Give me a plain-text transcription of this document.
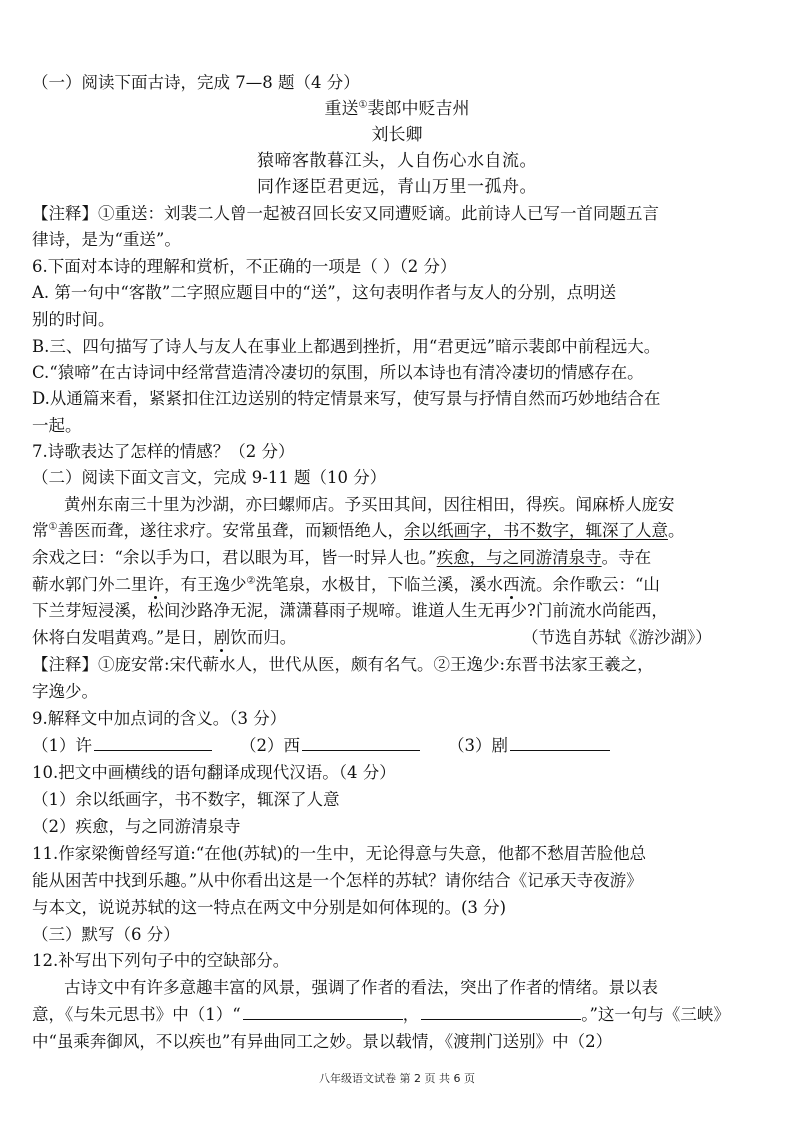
（一）阅读下面古诗，完成 7—8 题（4 分）
重送①裴郎中贬吉州
刘长卿
猿啼客散暮江头，人自伤心水自流。
同作逐臣君更远，青山万里一孤舟。
【注释】①重送：刘裴二人曾一起被召回长安又同遭贬谪。此前诗人已写一首同题五言
律诗，是为“重送”。
6.下面对本诗的理解和赏析，不正确的一项是（ ）（2 分）
A. 第一句中“客散”二字照应题目中的“送”，这句表明作者与友人的分别，点明送
别的时间。
B.三、四句描写了诗人与友人在事业上都遇到挫折，用“君更远”暗示裴郎中前程远大。
C.“猿啼”在古诗词中经常营造清冷凄切的氛围，所以本诗也有清冷凄切的情感存在。
D.从通篇来看，紧紧扣住江边送别的特定情景来写，使写景与抒情自然而巧妙地结合在
一起。
7.诗歌表达了怎样的情感？（2 分）
（二）阅读下面文言文，完成 9-11 题（10 分）
黄州东南三十里为沙湖，亦曰螺师店。予买田其间，因往相田，得疾。闻麻桥人庞安
常①善医而聋，遂往求疗。安常虽聋，而颖悟绝人，余以纸画字，书不数字，辄深了人意。
余戏之曰：“余以手为口，君以眼为耳，皆一时异人也。”疾愈，与之同游清泉寺。寺在
蕲水郭门外二里许，有王逸少②洗笔泉，水极甘，下临兰溪，溪水西流。余作歌云：“山
下兰芽短浸溪，松间沙路净无泥，潇潇暮雨子规啼。谁道人生无再少?门前流水尚能西，
休将白发唱黄鸡。”是日，剧饮而归。	（节选自苏轼《游沙湖》）
【注释】①庞安常:宋代蕲水人，世代从医，颇有名气。②王逸少:东晋书法家王羲之，
字逸少。
9.解释文中加点词的含义。（3 分）
（1）许	（2）西	（3）剧
10.把文中画横线的语句翻译成现代汉语。（4 分）
（1）余以纸画字，书不数字，辄深了人意
（2）疾愈，与之同游清泉寺
11.作家梁衡曾经写道:“在他(苏轼)的一生中，无论得意与失意，他都不愁眉苦脸他总
能从困苦中找到乐趣。”从中你看出这是一个怎样的苏轼？请你结合《记承天寺夜游》
与本文，说说苏轼的这一特点在两文中分别是如何体现的。(3 分)
（三）默写（6 分）
12.补写出下列句子中的空缺部分。
古诗文中有许多意趣丰富的风景，强调了作者的看法，突出了作者的情绪。景以表
意，《与朱元思书》中（1）“	，	。”这一句与《三峡》
中“虽乘奔御风，不以疾也”有异曲同工之妙。景以载情，《渡荆门送别》中（2）
八年级语文试卷 第 2 页 共 6 页
